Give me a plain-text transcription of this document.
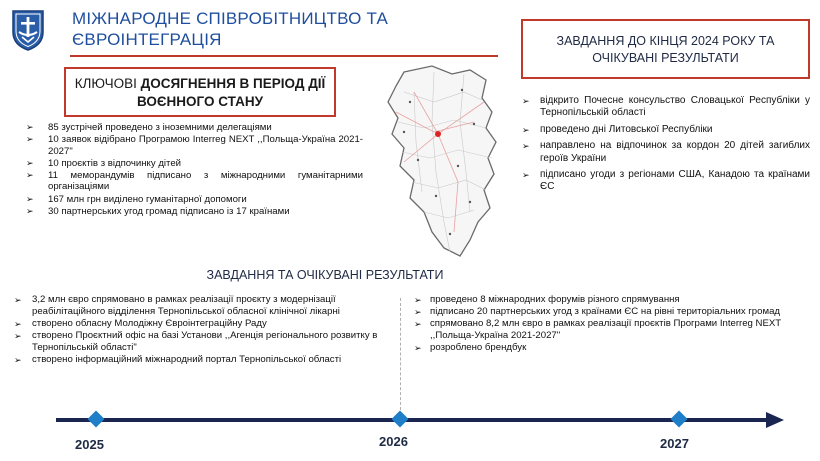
МІЖНАРОДНЕ СПІВРОБІТНИЦТВО ТА
ЄВРОІНТЕГРАЦІЯ
КЛЮЧОВІ ДОСЯГНЕННЯ В ПЕРІОД ДІЇ
ВОЄННОГО СТАНУ
➢ 85 зустрічей проведено з іноземними делегаціями
➢ 10 заявок відібрано Програмою Interreg NEXT ,,Польща-Україна 2021-2027"
➢ 10 проєктів з відпочинку дітей
➢ 11 меморандумів підписано з міжнародними гуманітарними організаціями
➢ 167 млн грн виділено гуманітарної допомоги
➢ 30 партнерських угод громад підписано із 17 країнами
ЗАВДАННЯ ДО КІНЦЯ 2024 РОКУ ТА
ОЧІКУВАНІ РЕЗУЛЬТАТИ
➢ відкрито Почесне консульство Словацької Республіки у Тернопільській області
➢ проведено дні Литовської Республіки
➢ направлено на відпочинок за кордон 20 дітей загиблих героїв України
➢ підписано угоди з регіонами США, Канадою та країнами ЄС
ЗАВДАННЯ ТА ОЧІКУВАНІ РЕЗУЛЬТАТИ
➢ 3,2 млн євро спрямовано в рамках реалізації проєкту з модернізації реабілітаційного відділення Тернопільської обласної клінічної лікарні
➢ створено обласну Молодіжну Євроінтеграційну Раду
➢ створено Проєктний офіс на базі Установи ,,Агенція регіонального розвитку в Тернопільській області"
➢ створено інформаційний міжнародний портал Тернопільської області
➢ проведено 8 міжнародних форумів різного спрямування
➢ підписано 20 партнерських угод з країнами ЄС на рівні територіальних громад
➢ спрямовано 8,2 млн євро в рамках реалізації проєктів Програми Interreg NEXT ,,Польща-Україна 2021-2027"
➢ розроблено брендбук
2025	2026	2027
